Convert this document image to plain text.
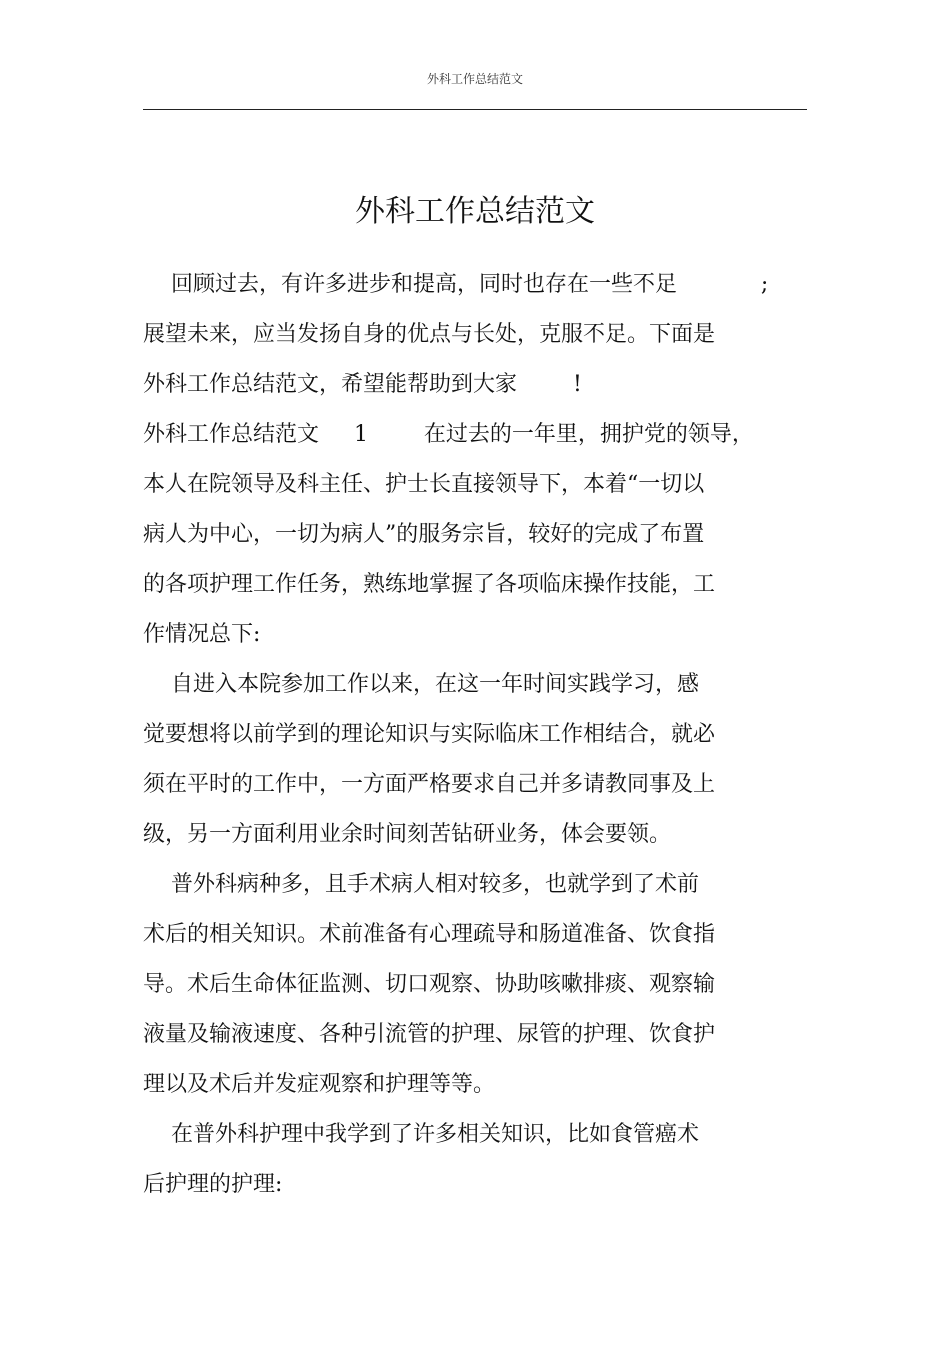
外科工作总结范文
外科工作总结范文
回顾过去，有许多进步和提高，同时也存在一些不足            ;
展望未来，应当发扬自身的优点与长处，克服不足。下面是
外科工作总结范文，希望能帮助到大家        !
外科工作总结范文     1        在过去的一年里，拥护党的领导，
本人在院领导及科主任、护士长直接领导下，本着“一切以
病人为中心，一切为病人”的服务宗旨，较好的完成了布置
的各项护理工作任务，熟练地掌握了各项临床操作技能，工
作情况总下:
自进入本院参加工作以来，在这一年时间实践学习，感
觉要想将以前学到的理论知识与实际临床工作相结合，就必
须在平时的工作中，一方面严格要求自己并多请教同事及上
级，另一方面利用业余时间刻苦钻研业务，体会要领。
普外科病种多，且手术病人相对较多，也就学到了术前
术后的相关知识。术前准备有心理疏导和肠道准备、饮食指
导。术后生命体征监测、切口观察、协助咳嗽排痰、观察输
液量及输液速度、各种引流管的护理、尿管的护理、饮食护
理以及术后并发症观察和护理等等。
在普外科护理中我学到了许多相关知识，比如食管癌术
后护理的护理:
